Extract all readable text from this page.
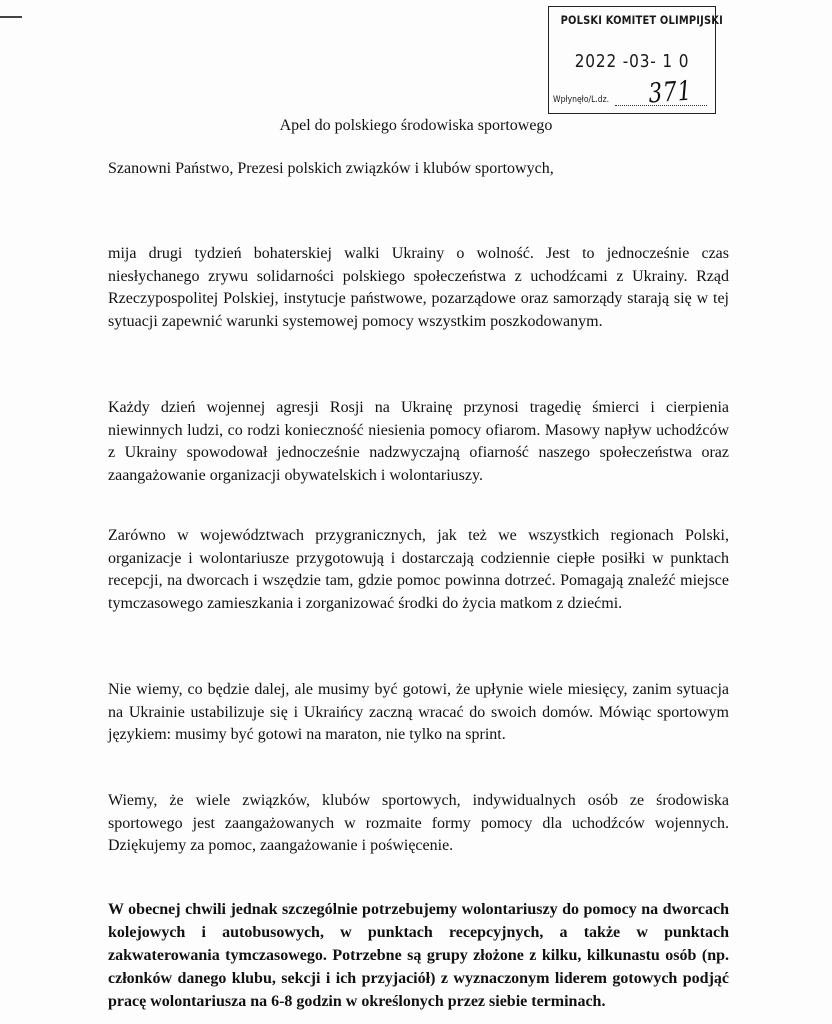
POLSKI KOMITET OLIMPIJSKI
2022 -03- 1 0
Wpłynęło/L.dz. 371
Apel do polskiego środowiska sportowego
Szanowni Państwo, Prezesi polskich związków i klubów sportowych,

mija drugi tydzień bohaterskiej walki Ukrainy o wolność. Jest to jednocześnie czas niesłychanego zrywu solidarności polskiego społeczeństwa z uchodźcami z Ukrainy. Rząd Rzeczypospolitej Polskiej, instytucje państwowe, pozarządowe oraz samorządy starają się w tej sytuacji zapewnić warunki systemowej pomocy wszystkim poszkodowanym.

Każdy dzień wojennej agresji Rosji na Ukrainę przynosi tragedię śmierci i cierpienia niewinnych ludzi, co rodzi konieczność niesienia pomocy ofiarom. Masowy napływ uchodźców z Ukrainy spowodował jednocześnie nadzwyczajną ofiarność naszego społeczeństwa oraz zaangażowanie organizacji obywatelskich i wolontariuszy.

Zarówno w województwach przygranicznych, jak też we wszystkich regionach Polski, organizacje i wolontariusze przygotowują i dostarczają codziennie ciepłe posiłki w punktach recepcji, na dworcach i wszędzie tam, gdzie pomoc powinna dotrzeć. Pomagają znaleźć miejsce tymczasowego zamieszkania i zorganizować środki do życia matkom z dziećmi.

Nie wiemy, co będzie dalej, ale musimy być gotowi, że upłynie wiele miesięcy, zanim sytuacja na Ukrainie ustabilizuje się i Ukraińcy zaczną wracać do swoich domów. Mówiąc sportowym językiem: musimy być gotowi na maraton, nie tylko na sprint.

Wiemy, że wiele związków, klubów sportowych, indywidualnych osób ze środowiska sportowego jest zaangażowanych w rozmaite formy pomocy dla uchodźców wojennych. Dziękujemy za pomoc, zaangażowanie i poświęcenie.

W obecnej chwili jednak szczególnie potrzebujemy wolontariuszy do pomocy na dworcach kolejowych i autobusowych, w punktach recepcyjnych, a także w punktach zakwaterowania tymczasowego. Potrzebne są grupy złożone z kilku, kilkunastu osób (np. członków danego klubu, sekcji i ich przyjaciół) z wyznaczonym liderem gotowych podjąć pracę wolontariusza na 6-8 godzin w określonych przez siebie terminach.
